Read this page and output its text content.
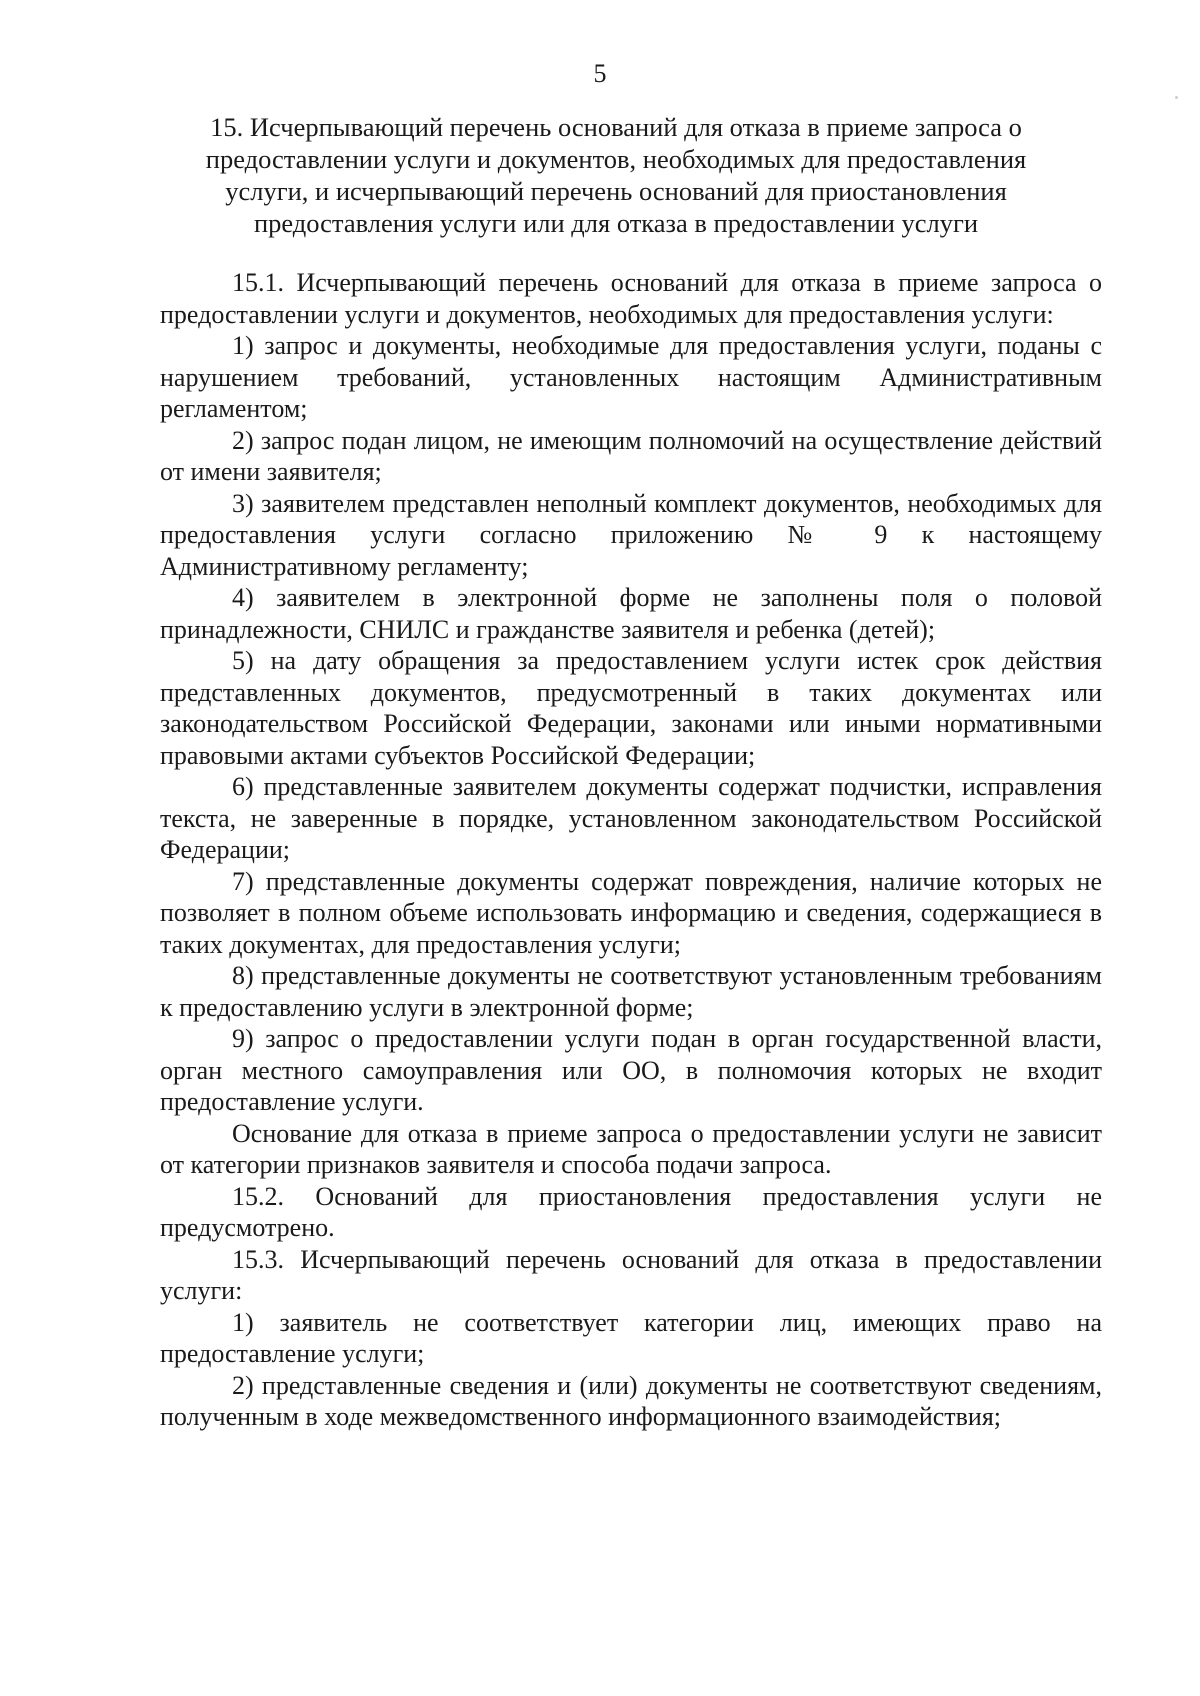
5
15. Исчерпывающий перечень оснований для отказа в приеме запроса о предоставлении услуги и документов, необходимых для предоставления услуги, и исчерпывающий перечень оснований для приостановления предоставления услуги или для отказа в предоставлении услуги

15.1. Исчерпывающий перечень оснований для отказа в приеме запроса о предоставлении услуги и документов, необходимых для предоставления услуги:

1) запрос и документы, необходимые для предоставления услуги, поданы с нарушением требований, установленных настоящим Административным регламентом;

2) запрос подан лицом, не имеющим полномочий на осуществление действий от имени заявителя;

3) заявителем представлен неполный комплект документов, необходимых для предоставления услуги согласно приложению № 9 к настоящему Административному регламенту;

4) заявителем в электронной форме не заполнены поля о половой принадлежности, СНИЛС и гражданстве заявителя и ребенка (детей);

5) на дату обращения за предоставлением услуги истек срок действия представленных документов, предусмотренный в таких документах или законодательством Российской Федерации, законами или иными нормативными правовыми актами субъектов Российской Федерации;

6) представленные заявителем документы содержат подчистки, исправления текста, не заверенные в порядке, установленном законодательством Российской Федерации;

7) представленные документы содержат повреждения, наличие которых не позволяет в полном объеме использовать информацию и сведения, содержащиеся в таких документах, для предоставления услуги;

8) представленные документы не соответствуют установленным требованиям к предоставлению услуги в электронной форме;

9) запрос о предоставлении услуги подан в орган государственной власти, орган местного самоуправления или ОО, в полномочия которых не входит предоставление услуги.

Основание для отказа в приеме запроса о предоставлении услуги не зависит от категории признаков заявителя и способа подачи запроса.

15.2. Оснований для приостановления предоставления услуги не предусмотрено.

15.3. Исчерпывающий перечень оснований для отказа в предоставлении услуги:

1) заявитель не соответствует категории лиц, имеющих право на предоставление услуги;

2) представленные сведения и (или) документы не соответствуют сведениям, полученным в ходе межведомственного информационного взаимодействия;
